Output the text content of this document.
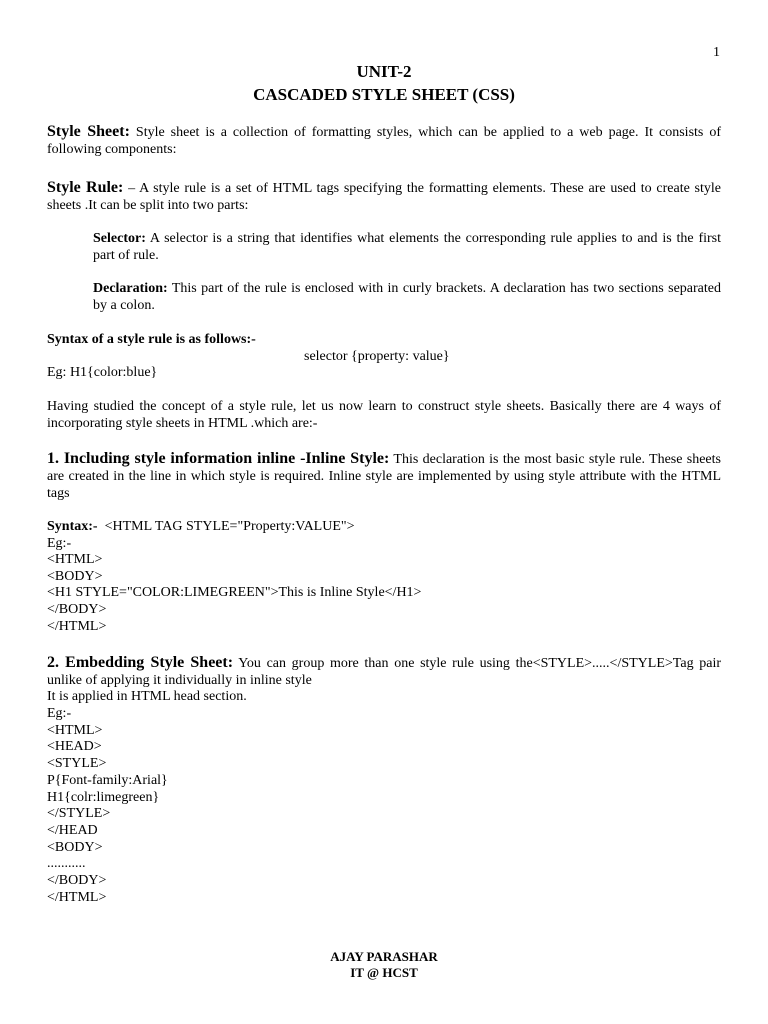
1
UNIT-2
CASCADED STYLE SHEET (CSS)
Style Sheet: Style sheet is a collection of formatting styles, which can be applied to a web page. It consists of following components:
Style Rule: – A style rule is a set of HTML tags specifying the formatting elements. These are used to create style sheets .It can be split into two parts:
Selector: A selector is a string that identifies what elements the corresponding rule applies to and is the first part of rule.
Declaration: This part of the rule is enclosed with in curly brackets. A declaration has two sections separated by a colon.
Syntax of a style rule is as follows:-
selector {property: value}
Eg: H1{color:blue}
Having studied the concept of a style rule, let us now learn to construct style sheets. Basically there are 4 ways of incorporating style sheets in HTML .which are:-
1. Including style information inline -Inline Style: This declaration is the most basic style rule. These sheets are created in the line in which style is required. Inline style are implemented by using style attribute with the HTML tags
Syntax:-  <HTML TAG STYLE="Property:VALUE">
Eg:-
<HTML>
<BODY>
<H1 STYLE="COLOR:LIMEGREEN">This is Inline Style</H1>
</BODY>
</HTML>
2. Embedding Style Sheet: You can group more than one style rule using the<STYLE>.....</STYLE>Tag pair unlike of applying it individually in inline style
It is applied in HTML head section.
Eg:-
<HTML>
<HEAD>
<STYLE>
P{Font-family:Arial}
H1{colr:limegreen}
</STYLE>
</HEAD
<BODY>
...........
</BODY>
</HTML>
AJAY PARASHAR
IT @ HCST
